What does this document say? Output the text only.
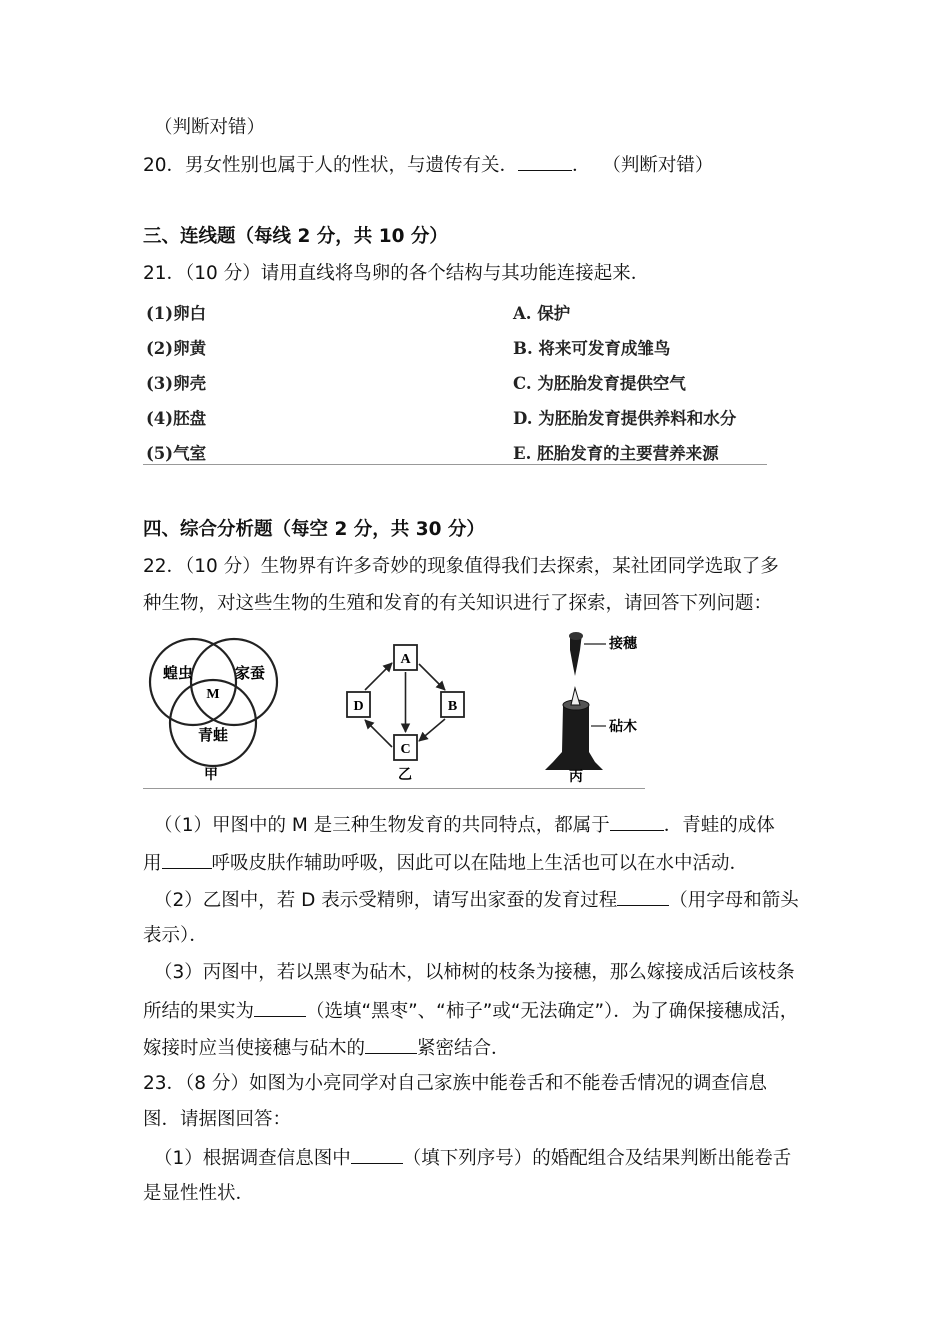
（判断对错）
20．男女性别也属于人的性状，与遗传有关．	． （判断对错）
三、连线题（每线 2 分，共 10 分）
21．（10 分）请用直线将鸟卵的各个结构与其功能连接起来．
(1)卵白	A. 保护
(2)卵黄	B. 将来可发育成雏鸟
(3)卵壳	C. 为胚胎发育提供空气
(4)胚盘	D. 为胚胎发育提供养料和水分
(5)气室	E. 胚胎发育的主要营养来源
四、综合分析题（每空 2 分，共 30 分）
22．（10 分）生物界有许多奇妙的现象值得我们去探索，某社团同学选取了多
种生物，对这些生物的生殖和发育的有关知识进行了探索，请回答下列问题：
蝗虫	家蚕
M
青蛙
甲
A
B
C
D
乙
接穗
砧木
丙
（（1）甲图中的 M 是三种生物发育的共同特点，都属于	．青蛙的成体
用	呼吸皮肤作辅助呼吸，因此可以在陆地上生活也可以在水中活动．
（2）乙图中，若 D 表示受精卵，请写出家蚕的发育过程	（用字母和箭头
表示）．
（3）丙图中，若以黑枣为砧木，以柿树的枝条为接穗，那么嫁接成活后该枝条
所结的果实为	（选填“黑枣”、“柿子”或“无法确定”）．为了确保接穗成活，
嫁接时应当使接穗与砧木的	紧密结合．
23．（8 分）如图为小亮同学对自己家族中能卷舌和不能卷舌情况的调查信息
图．请据图回答：
（1）根据调查信息图中	（填下列序号）的婚配组合及结果判断出能卷舌
是显性性状．
